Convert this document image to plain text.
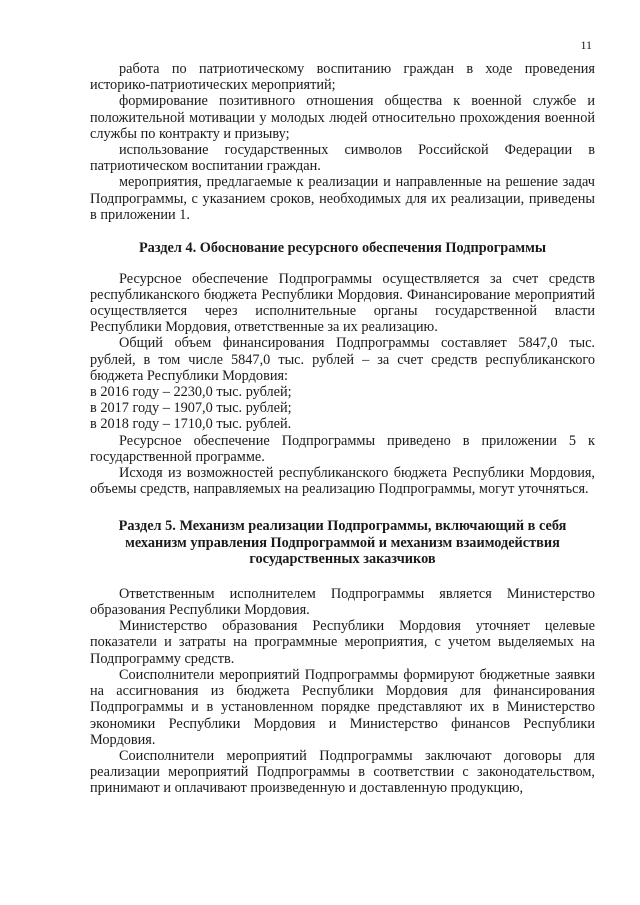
11

работа по патриотическому воспитанию граждан в ходе проведения историко-патриотических мероприятий;

формирование позитивного отношения общества к военной службе и положительной мотивации у молодых людей относительно прохождения военной службы по контракту и призыву;

использование государственных символов Российской Федерации в патриотическом воспитании граждан.

мероприятия, предлагаемые к реализации и направленные на решение задач Подпрограммы, с указанием сроков, необходимых для их реализации, приведены в приложении 1.

Раздел 4. Обоснование ресурсного обеспечения Подпрограммы

Ресурсное обеспечение Подпрограммы осуществляется за счет средств республиканского бюджета Республики Мордовия. Финансирование мероприятий осуществляется через исполнительные органы государственной власти Республики Мордовия, ответственные за их реализацию.

Общий объем финансирования Подпрограммы составляет 5847,0 тыс. рублей, в том числе 5847,0 тыс. рублей – за счет средств республиканского бюджета Республики Мордовия:

в 2016 году – 2230,0 тыс. рублей;

в 2017 году – 1907,0 тыс. рублей;

в 2018 году – 1710,0 тыс. рублей.

Ресурсное обеспечение Подпрограммы приведено в приложении 5 к государственной программе.

Исходя из возможностей республиканского бюджета Республики Мордовия, объемы средств, направляемых на реализацию Подпрограммы, могут уточняться.

Раздел 5. Механизм реализации Подпрограммы, включающий в себя
механизм управления Подпрограммой и механизм взаимодействия
государственных заказчиков

Ответственным исполнителем Подпрограммы является Министерство образования Республики Мордовия.

Министерство образования Республики Мордовия уточняет целевые показатели и затраты на программные мероприятия, с учетом выделяемых на Подпрограмму средств.

Соисполнители мероприятий Подпрограммы формируют бюджетные заявки на ассигнования из бюджета Республики Мордовия для финансирования Подпрограммы и в установленном порядке представляют их в Министерство экономики Республики Мордовия и Министерство финансов Республики Мордовия.

Соисполнители мероприятий Подпрограммы заключают договоры для реализации мероприятий Подпрограммы в соответствии с законодательством, принимают и оплачивают произведенную и доставленную продукцию,
